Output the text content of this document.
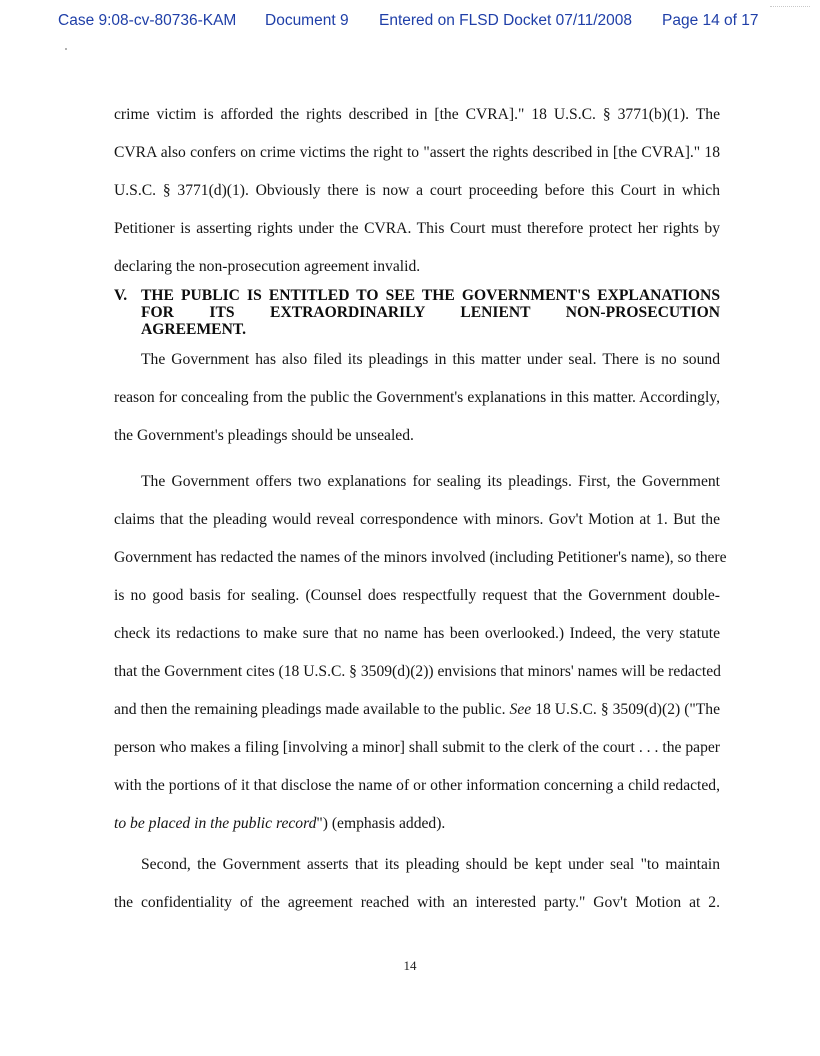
Case 9:08-cv-80736-KAM Document 9 Entered on FLSD Docket 07/11/2008 Page 14 of 17
crime victim is afforded the rights described in [the CVRA]." 18 U.S.C. § 3771(b)(1). The
CVRA also confers on crime victims the right to "assert the rights described in [the CVRA]." 18
U.S.C. § 3771(d)(1). Obviously there is now a court proceeding before this Court in which
Petitioner is asserting rights under the CVRA. This Court must therefore protect her rights by
declaring the non-prosecution agreement invalid.
V. THE PUBLIC IS ENTITLED TO SEE THE GOVERNMENT'S EXPLANATIONS
FOR ITS EXTRAORDINARILY LENIENT NON-PROSECUTION
AGREEMENT.
The Government has also filed its pleadings in this matter under seal. There is no sound
reason for concealing from the public the Government's explanations in this matter. Accordingly,
the Government's pleadings should be unsealed.
The Government offers two explanations for sealing its pleadings. First, the Government
claims that the pleading would reveal correspondence with minors. Gov't Motion at 1. But the
Government has redacted the names of the minors involved (including Petitioner's name), so there
is no good basis for sealing. (Counsel does respectfully request that the Government double-
check its redactions to make sure that no name has been overlooked.) Indeed, the very statute
that the Government cites (18 U.S.C. § 3509(d)(2)) envisions that minors' names will be redacted
and then the remaining pleadings made available to the public. See 18 U.S.C. § 3509(d)(2) ("The
person who makes a filing [involving a minor] shall submit to the clerk of the court . . . the paper
with the portions of it that disclose the name of or other information concerning a child redacted,
to be placed in the public record") (emphasis added).
Second, the Government asserts that its pleading should be kept under seal "to maintain
the confidentiality of the agreement reached with an interested party." Gov't Motion at 2.
14
